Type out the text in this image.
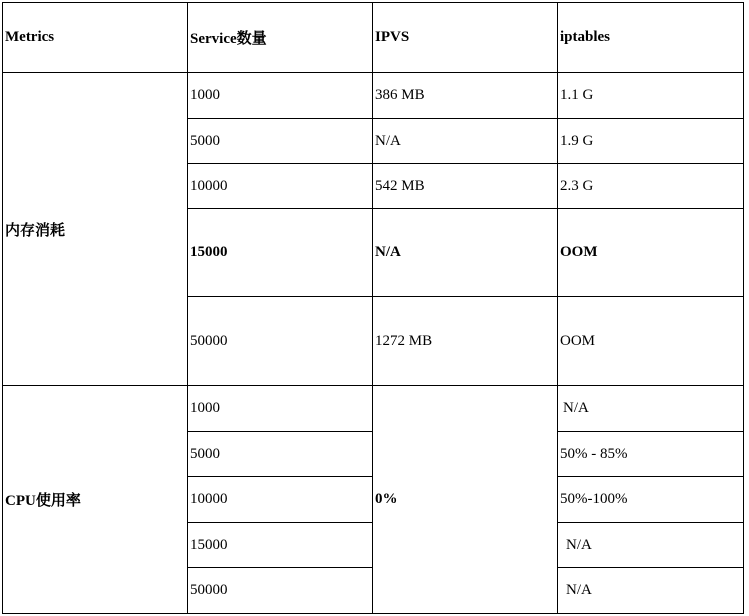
Metrics	Service数量	IPVS	iptables
内存消耗	1000	386 MB	1.1 G
	5000	N/A	1.9 G
	10000	542 MB	2.3 G
	15000	N/A	OOM
	50000	1272 MB	OOM
CPU使用率	1000	0%	N/A
	5000		50% - 85%
	10000		50%-100%
	15000		N/A
	50000		N/A
